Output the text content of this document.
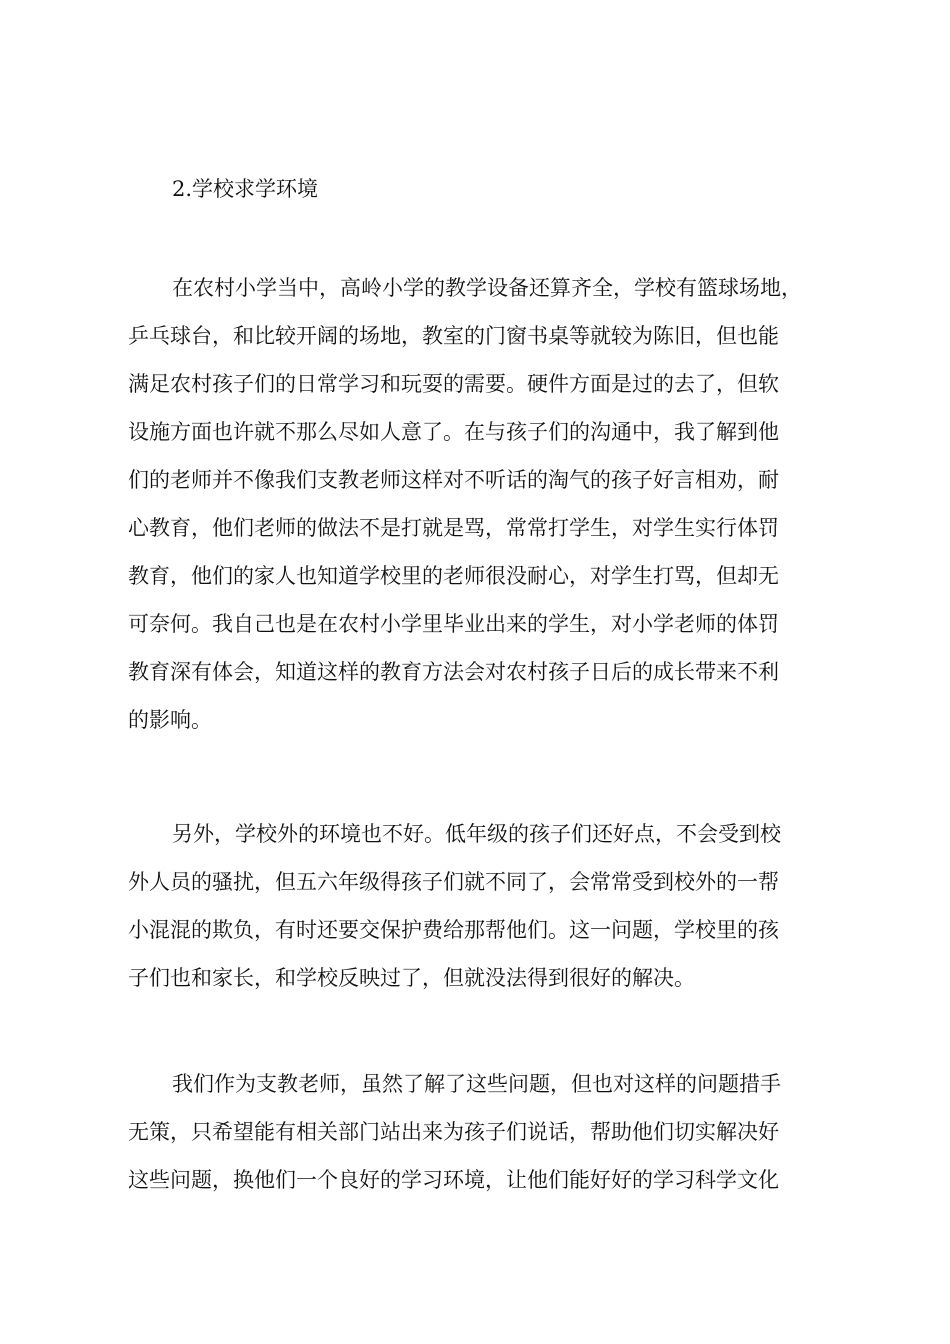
2.学校求学环境
在农村小学当中，高岭小学的教学设备还算齐全，学校有篮球场地，
乒乓球台，和比较开阔的场地，教室的门窗书桌等就较为陈旧，但也能
满足农村孩子们的日常学习和玩耍的需要。硬件方面是过的去了，但软
设施方面也许就不那么尽如人意了。在与孩子们的沟通中，我了解到他
们的老师并不像我们支教老师这样对不听话的淘气的孩子好言相劝，耐
心教育，他们老师的做法不是打就是骂，常常打学生，对学生实行体罚
教育，他们的家人也知道学校里的老师很没耐心，对学生打骂，但却无
可奈何。我自己也是在农村小学里毕业出来的学生，对小学老师的体罚
教育深有体会，知道这样的教育方法会对农村孩子日后的成长带来不利
的影响。
另外，学校外的环境也不好。低年级的孩子们还好点，不会受到校
外人员的骚扰，但五六年级得孩子们就不同了，会常常受到校外的一帮
小混混的欺负，有时还要交保护费给那帮他们。这一问题，学校里的孩
子们也和家长，和学校反映过了，但就没法得到很好的解决。
我们作为支教老师，虽然了解了这些问题，但也对这样的问题措手
无策，只希望能有相关部门站出来为孩子们说话，帮助他们切实解决好
这些问题，换他们一个良好的学习环境，让他们能好好的学习科学文化
